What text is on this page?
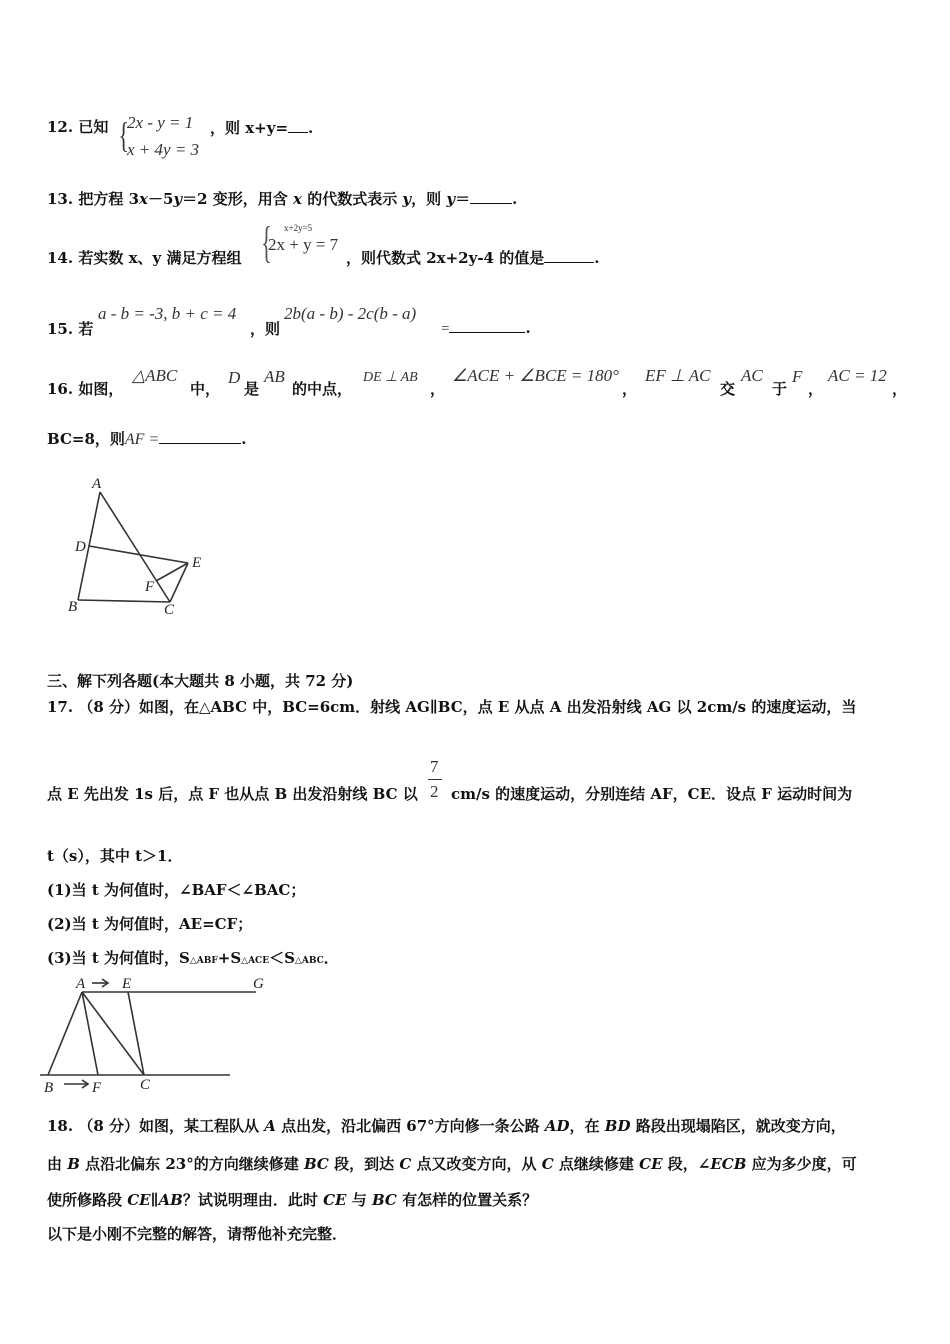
12. 已知 {
2x - y = 1
x + 4y = 3
，则 x+y= .
13. 把方程 3x－5y＝2 变形，用含 x 的代数式表示 y，则 y＝	.
14. 若实数 x、y 满足方程组 { x+2y=5
2x + y = 7
，则代数式 2x+2y-4 的值是	.
15. 若
a - b = -3, b + c = 4
，则
2b(a - b) - 2c(b - a)
=	.
16. 如图，
△ABC
中，
D
是
AB
的中点，
DE ⊥ AB
，
∠ACE + ∠BCE = 180°
，
EF ⊥ AC
交
AC
于
F
，
AC = 12
，
BC=8，则AF =	.
A
D
E
F
B	C
三、解下列各题(本大题共 8 小题，共 72 分)
17. （8 分）如图，在△ABC 中，BC=6cm．射线 AG∥BC，点 E 从点 A 出发沿射线 AG 以 2cm/s 的速度运动，当
点 E 先出发 1s 后，点 F 也从点 B 出发沿射线 BC 以
7
2 cm/s 的速度运动，分别连结 AF，CE．设点 F 运动时间为
t（s），其中 t＞1．
(1)当 t 为何值时，∠BAF＜∠BAC；
(2)当 t 为何值时，AE=CF；
(3)当 t 为何值时，S△ABF+S△ACE＜S△ABC．
A E	G
B	F	C
18. （8 分）如图，某工程队从 A 点出发，沿北偏西 67°方向修一条公路 AD，在 BD 路段出现塌陷区，就改变方向，
由 B 点沿北偏东 23°的方向继续修建 BC 段，到达 C 点又改变方向，从 C 点继续修建 CE 段，∠ECB 应为多少度，可
使所修路段 CE∥AB？试说明理由．此时 CE 与 BC 有怎样的位置关系？
以下是小刚不完整的解答，请帮他补充完整．
